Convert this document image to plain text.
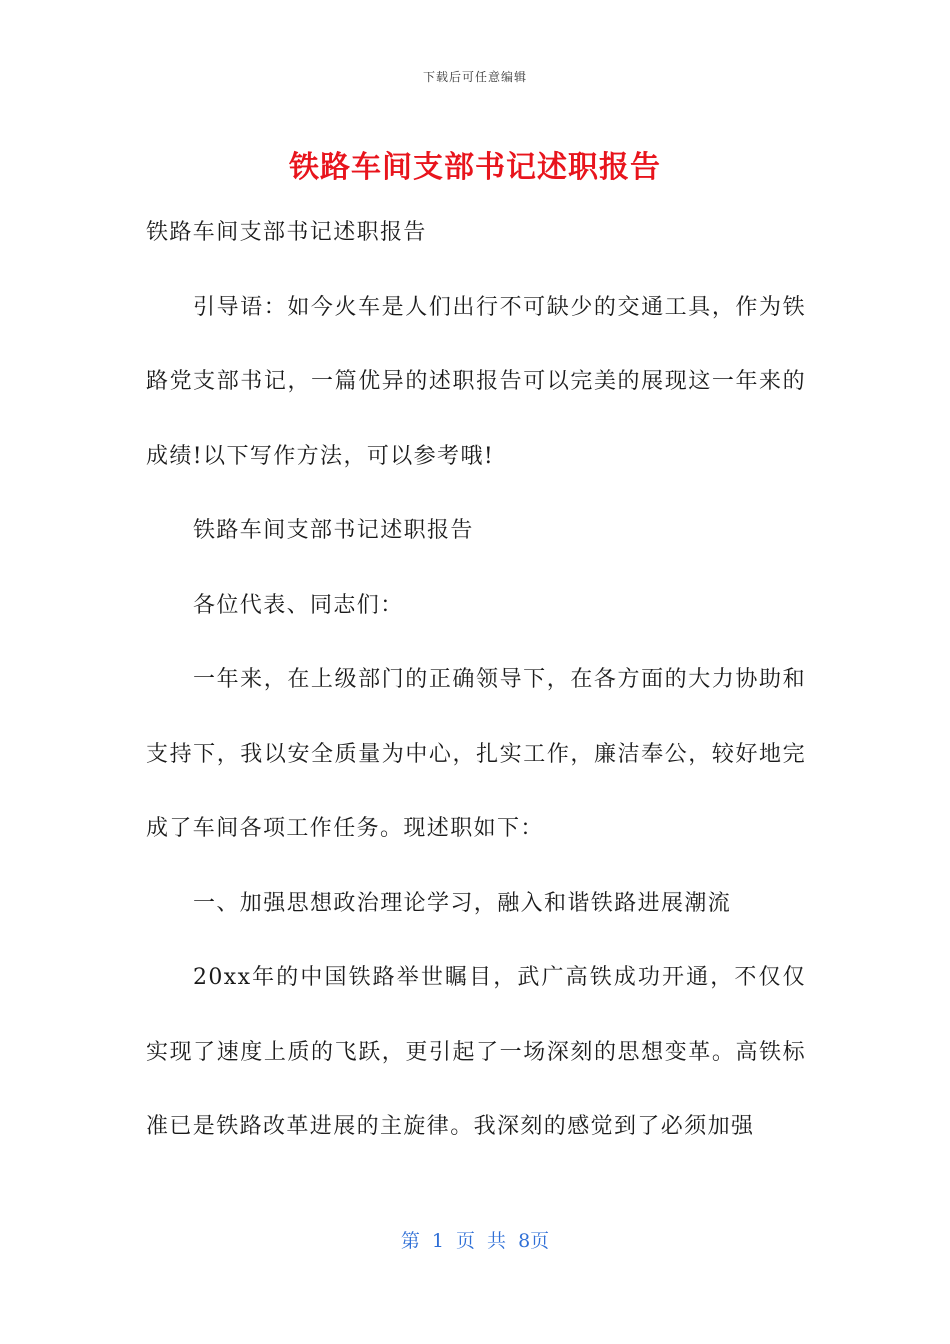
下载后可任意编辑
铁路车间支部书记述职报告

铁路车间支部书记述职报告

引导语：如今火车是人们出行不可缺少的交通工具，作为铁路党支部书记，一篇优异的述职报告可以完美的展现这一年来的成绩!以下写作方法，可以参考哦!

铁路车间支部书记述职报告

各位代表、同志们：

一年来，在上级部门的正确领导下，在各方面的大力协助和支持下，我以安全质量为中心，扎实工作，廉洁奉公，较好地完成了车间各项工作任务。现述职如下：

一、加强思想政治理论学习，融入和谐铁路进展潮流

20xx年的中国铁路举世瞩目，武广高铁成功开通，不仅仅实现了速度上质的飞跃，更引起了一场深刻的思想变革。高铁标准已是铁路改革进展的主旋律。我深刻的感觉到了必须加强

第 1 页 共 8页
